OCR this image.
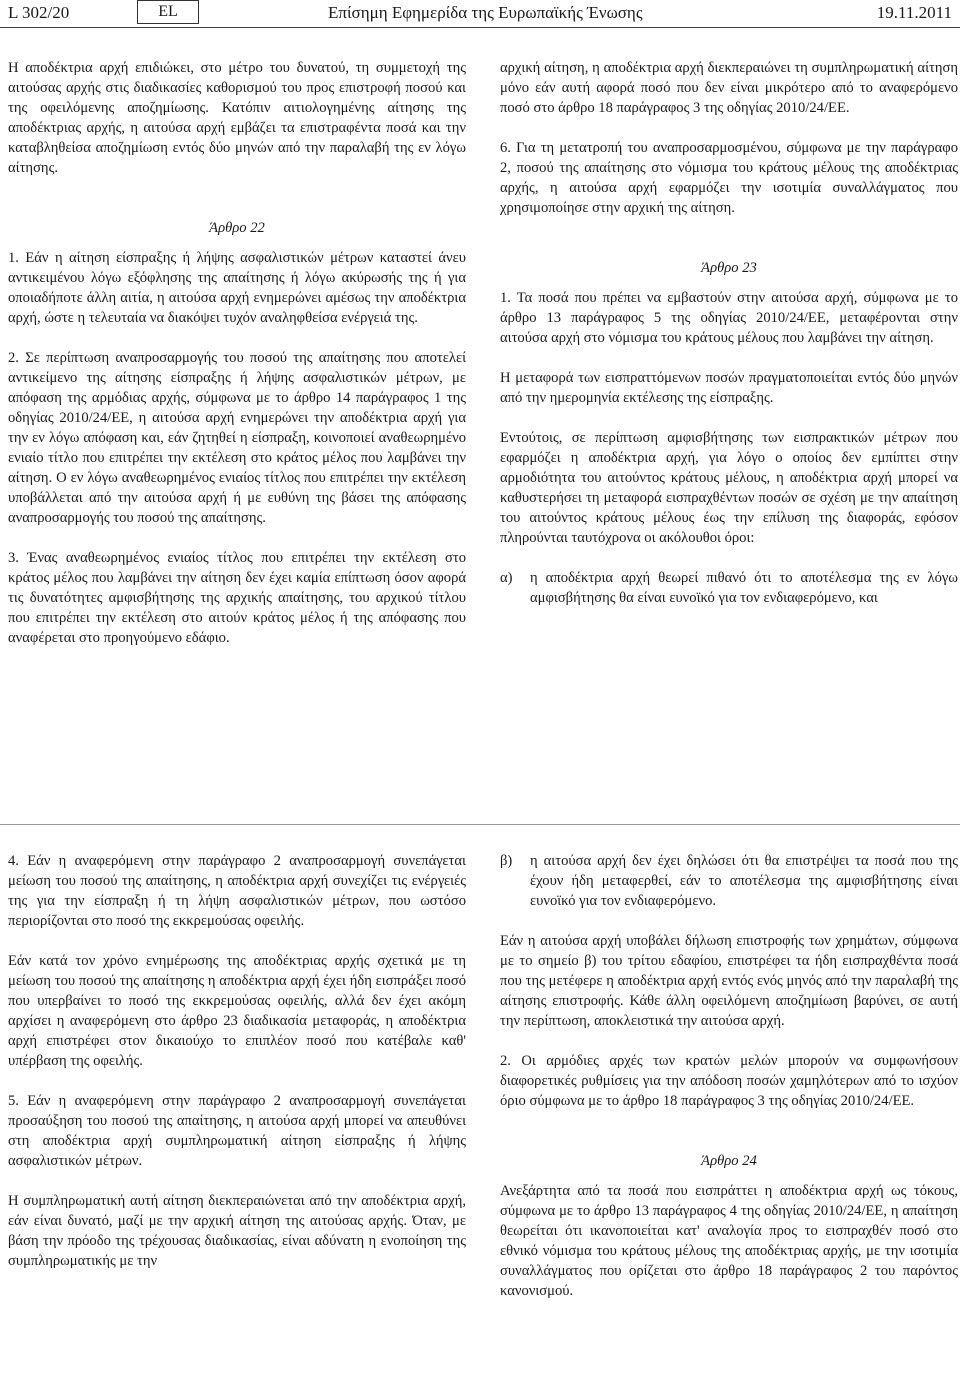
L 302/20	EL	Επίσημη Εφημερίδα της Ευρωπαϊκής Ένωσης	19.11.2011

Η αποδέκτρια αρχή επιδιώκει, στο μέτρο του δυνατού, τη συμμετοχή της αιτούσας αρχής στις διαδικασίες καθορισμού του προς επιστροφή ποσού και της οφειλόμενης αποζημίωσης. Κατόπιν αιτιολογημένης αίτησης της αποδέκτριας αρχής, η αιτούσα αρχή εμβάζει τα επιστραφέντα ποσά και την καταβληθείσα αποζημίωση εντός δύο μηνών από την παραλαβή της εν λόγω αίτησης.

Άρθρο 22

1. Εάν η αίτηση είσπραξης ή λήψης ασφαλιστικών μέτρων καταστεί άνευ αντικειμένου λόγω εξόφλησης της απαίτησης ή λόγω ακύρωσής της ή για οποιαδήποτε άλλη αιτία, η αιτούσα αρχή ενημερώνει αμέσως την αποδέκτρια αρχή, ώστε η τελευταία να διακόψει τυχόν αναληφθείσα ενέργειά της.

2. Σε περίπτωση αναπροσαρμογής του ποσού της απαίτησης που αποτελεί αντικείμενο της αίτησης είσπραξης ή λήψης ασφαλιστικών μέτρων, με απόφαση της αρμόδιας αρχής, σύμφωνα με το άρθρο 14 παράγραφος 1 της οδηγίας 2010/24/ΕΕ, η αιτούσα αρχή ενημερώνει την αποδέκτρια αρχή για την εν λόγω απόφαση και, εάν ζητηθεί η είσπραξη, κοινοποιεί αναθεωρημένο ενιαίο τίτλο που επιτρέπει την εκτέλεση στο κράτος μέλος που λαμβάνει την αίτηση. Ο εν λόγω αναθεωρημένος ενιαίος τίτλος που επιτρέπει την εκτέλεση υποβάλλεται από την αιτούσα αρχή ή με ευθύνη της βάσει της απόφασης αναπροσαρμογής του ποσού της απαίτησης.

3. Ένας αναθεωρημένος ενιαίος τίτλος που επιτρέπει την εκτέλεση στο κράτος μέλος που λαμβάνει την αίτηση δεν έχει καμία επίπτωση όσον αφορά τις δυνατότητες αμφισβήτησης της αρχικής απαίτησης, του αρχικού τίτλου που επιτρέπει την εκτέλεση στο αιτούν κράτος μέλος ή της απόφασης που αναφέρεται στο προηγούμενο εδάφιο.

αρχική αίτηση, η αποδέκτρια αρχή διεκπεραιώνει τη συμπληρωματική αίτηση μόνο εάν αυτή αφορά ποσό που δεν είναι μικρότερο από το αναφερόμενο ποσό στο άρθρο 18 παράγραφος 3 της οδηγίας 2010/24/ΕΕ.

6. Για τη μετατροπή του αναπροσαρμοσμένου, σύμφωνα με την παράγραφο 2, ποσού της απαίτησης στο νόμισμα του κράτους μέλους της αποδέκτριας αρχής, η αιτούσα αρχή εφαρμόζει την ισοτιμία συναλλάγματος που χρησιμοποίησε στην αρχική της αίτηση.

Άρθρο 23

1. Τα ποσά που πρέπει να εμβαστούν στην αιτούσα αρχή, σύμφωνα με το άρθρο 13 παράγραφος 5 της οδηγίας 2010/24/ΕΕ, μεταφέρονται στην αιτούσα αρχή στο νόμισμα του κράτους μέλους που λαμβάνει την αίτηση.

Η μεταφορά των εισπραττόμενων ποσών πραγματοποιείται εντός δύο μηνών από την ημερομηνία εκτέλεσης της είσπραξης.

Εντούτοις, σε περίπτωση αμφισβήτησης των εισπρακτικών μέτρων που εφαρμόζει η αποδέκτρια αρχή, για λόγο ο οποίος δεν εμπίπτει στην αρμοδιότητα του αιτούντος κράτους μέλους, η αποδέκτρια αρχή μπορεί να καθυστερήσει τη μεταφορά εισπραχθέντων ποσών σε σχέση με την απαίτηση του αιτούντος κράτους μέλους έως την επίλυση της διαφοράς, εφόσον πληρούνται ταυτόχρονα οι ακόλουθοι όροι:

α)	η αποδέκτρια αρχή θεωρεί πιθανό ότι το αποτέλεσμα της εν λόγω αμφισβήτησης θα είναι ευνοϊκό για τον ενδιαφερόμενο, και

4. Εάν η αναφερόμενη στην παράγραφο 2 αναπροσαρμογή συνεπάγεται μείωση του ποσού της απαίτησης, η αποδέκτρια αρχή συνεχίζει τις ενέργειές της για την είσπραξη ή τη λήψη ασφαλιστικών μέτρων, που ωστόσο περιορίζονται στο ποσό της εκκρεμούσας οφειλής.

Εάν κατά τον χρόνο ενημέρωσης της αποδέκτριας αρχής σχετικά με τη μείωση του ποσού της απαίτησης η αποδέκτρια αρχή έχει ήδη εισπράξει ποσό που υπερβαίνει το ποσό της εκκρεμούσας οφειλής, αλλά δεν έχει ακόμη αρχίσει η αναφερόμενη στο άρθρο 23 διαδικασία μεταφοράς, η αποδέκτρια αρχή επιστρέφει στον δικαιούχο το επιπλέον ποσό που κατέβαλε καθ' υπέρβαση της οφειλής.

5. Εάν η αναφερόμενη στην παράγραφο 2 αναπροσαρμογή συνεπάγεται προσαύξηση του ποσού της απαίτησης, η αιτούσα αρχή μπορεί να απευθύνει στη αποδέκτρια αρχή συμπληρωματική αίτηση είσπραξης ή λήψης ασφαλιστικών μέτρων.

Η συμπληρωματική αυτή αίτηση διεκπεραιώνεται από την αποδέκτρια αρχή, εάν είναι δυνατό, μαζί με την αρχική αίτηση της αιτούσας αρχής. Όταν, με βάση την πρόοδο της τρέχουσας διαδικασίας, είναι αδύνατη η ενοποίηση της συμπληρωματικής με την

β)	η αιτούσα αρχή δεν έχει δηλώσει ότι θα επιστρέψει τα ποσά που της έχουν ήδη μεταφερθεί, εάν το αποτέλεσμα της αμφισβήτησης είναι ευνοϊκό για τον ενδιαφερόμενο.

Εάν η αιτούσα αρχή υποβάλει δήλωση επιστροφής των χρημάτων, σύμφωνα με το σημείο β) του τρίτου εδαφίου, επιστρέφει τα ήδη εισπραχθέντα ποσά που της μετέφερε η αποδέκτρια αρχή εντός ενός μηνός από την παραλαβή της αίτησης επιστροφής. Κάθε άλλη οφειλόμενη αποζημίωση βαρύνει, σε αυτή την περίπτωση, αποκλειστικά την αιτούσα αρχή.

2. Οι αρμόδιες αρχές των κρατών μελών μπορούν να συμφωνήσουν διαφορετικές ρυθμίσεις για την απόδοση ποσών χαμηλότερων από το ισχύον όριο σύμφωνα με το άρθρο 18 παράγραφος 3 της οδηγίας 2010/24/ΕΕ.

Άρθρο 24

Ανεξάρτητα από τα ποσά που εισπράττει η αποδέκτρια αρχή ως τόκους, σύμφωνα με το άρθρο 13 παράγραφος 4 της οδηγίας 2010/24/ΕΕ, η απαίτηση θεωρείται ότι ικανοποιείται κατ' αναλογία προς το εισπραχθέν ποσό στο εθνικό νόμισμα του κράτους μέλους της αποδέκτριας αρχής, με την ισοτιμία συναλλάγματος που ορίζεται στο άρθρο 18 παράγραφος 2 του παρόντος κανονισμού.
